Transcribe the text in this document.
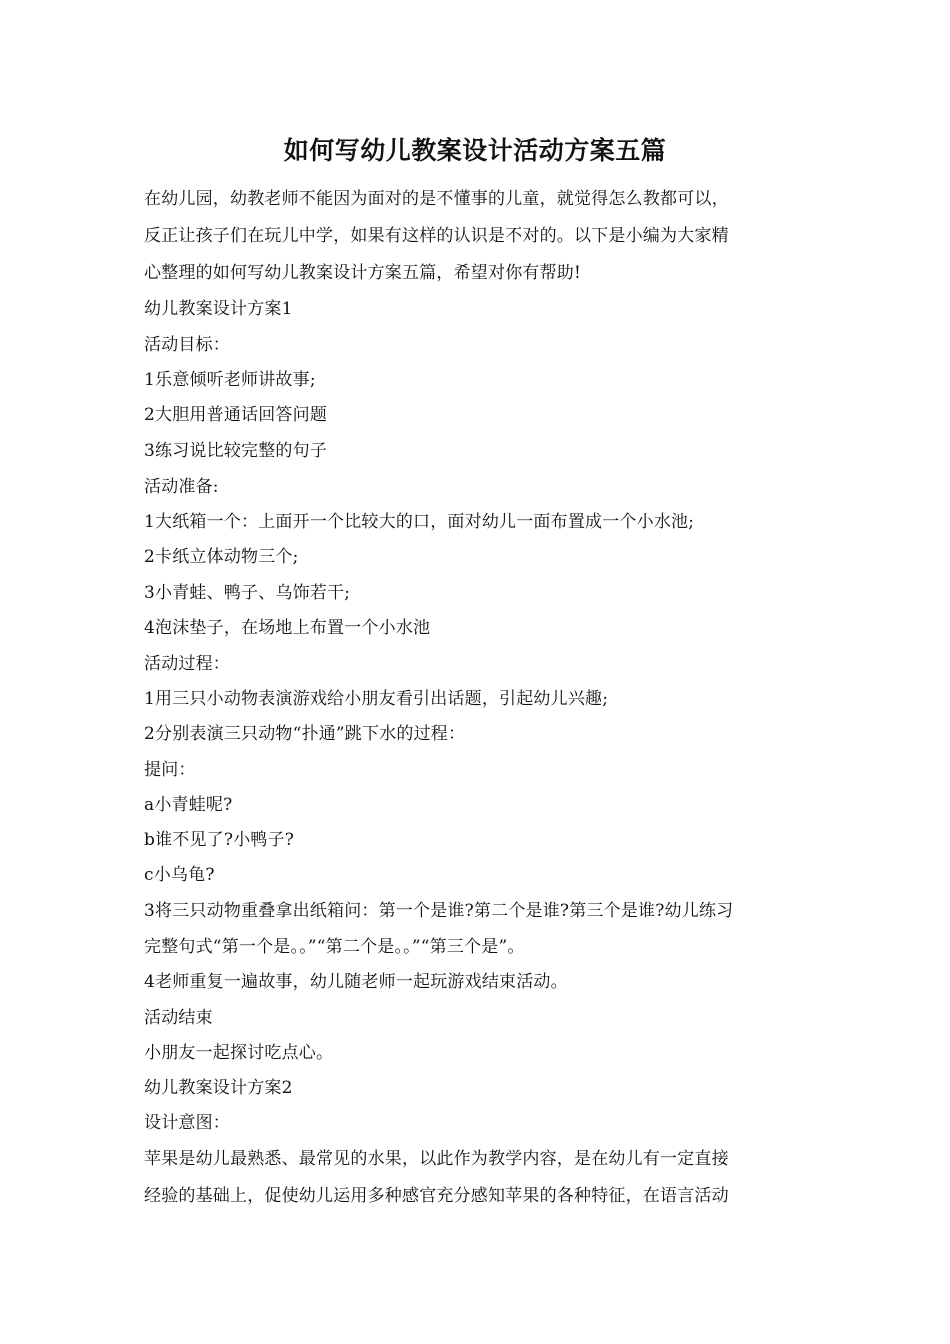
如何写幼儿教案设计活动方案五篇
在幼儿园，幼教老师不能因为面对的是不懂事的儿童，就觉得怎么教都可以，
反正让孩子们在玩儿中学，如果有这样的认识是不对的。以下是小编为大家精
心整理的如何写幼儿教案设计方案五篇，希望对你有帮助!
幼儿教案设计方案1
活动目标：
1乐意倾听老师讲故事;
2大胆用普通话回答问题
3练习说比较完整的句子
活动准备:
1大纸箱一个：上面开一个比较大的口，面对幼儿一面布置成一个小水池;
2卡纸立体动物三个;
3小青蛙、鸭子、乌饰若干;
4泡沫垫子，在场地上布置一个小水池
活动过程：
1用三只小动物表演游戏给小朋友看引出话题，引起幼儿兴趣;
2分别表演三只动物“扑通”跳下水的过程：
提问：
a小青蛙呢?
b谁不见了?小鸭子?
c小乌龟?
3将三只动物重叠拿出纸箱问：第一个是谁?第二个是谁?第三个是谁?幼儿练习
完整句式“第一个是。。”“第二个是。。”“第三个是”。
4老师重复一遍故事，幼儿随老师一起玩游戏结束活动。
活动结束
小朋友一起探讨吃点心。
幼儿教案设计方案2
设计意图：
苹果是幼儿最熟悉、最常见的水果，以此作为教学内容，是在幼儿有一定直接
经验的基础上，促使幼儿运用多种感官充分感知苹果的各种特征，在语言活动
